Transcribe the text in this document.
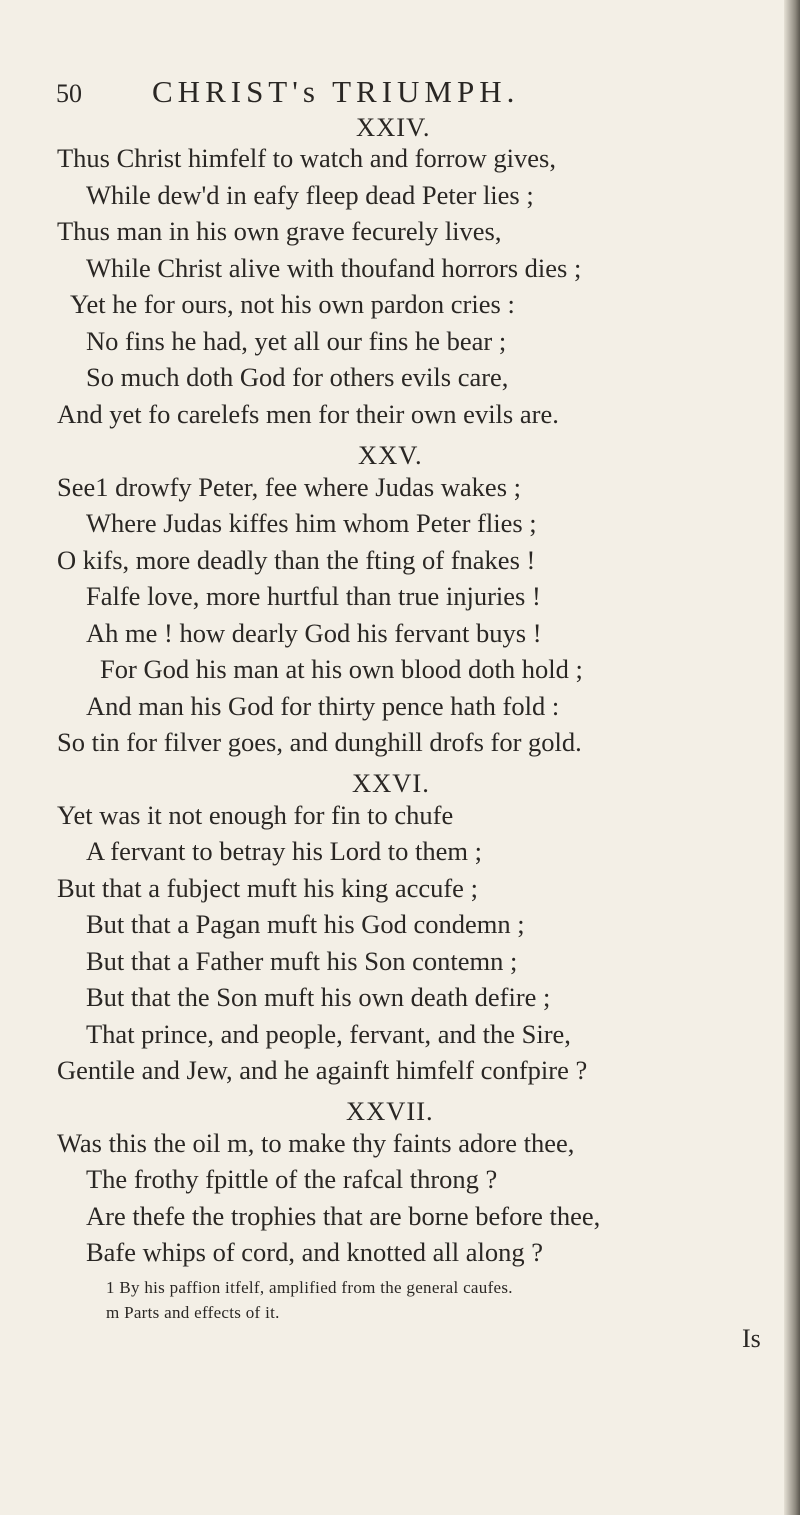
50 CHRIST's TRIUMPH.
XXIV.
Thus Christ himfelf to watch and forrow gives,
While dew'd in eafy fleep dead Peter lies ;
Thus man in his own grave fecurely lives,
While Christ alive with thoufand horrors dies ;
Yet he for ours, not his own pardon cries :
No fins he had, yet all our fins he bear ;
So much doth God for others evils care,
And yet fo carelefs men for their own evils are.
XXV.
See1 drowfy Peter, fee where Judas wakes ;
Where Judas kiffes him whom Peter flies ;
O kifs, more deadly than the fting of fnakes !
Falfe love, more hurtful than true injuries !
Ah me ! how dearly God his fervant buys !
For God his man at his own blood doth hold ;
And man his God for thirty pence hath fold :
So tin for filver goes, and dunghill drofs for gold.
XXVI.
Yet was it not enough for fin to chufe
A fervant to betray his Lord to them ;
But that a fubject muft his king accufe ;
But that a Pagan muft his God condemn ;
But that a Father muft his Son contemn ;
But that the Son muft his own death defire ;
That prince, and people, fervant, and the Sire,
Gentile and Jew, and he againft himfelf confpire ?
XXVII.
Was this the oil m, to make thy faints adore thee,
The frothy fpittle of the rafcal throng ?
Are thefe the trophies that are borne before thee,
Bafe whips of cord, and knotted all along ?
1 By his paffion itfelf, amplified from the general caufes.
m Parts and effects of it.
Is
